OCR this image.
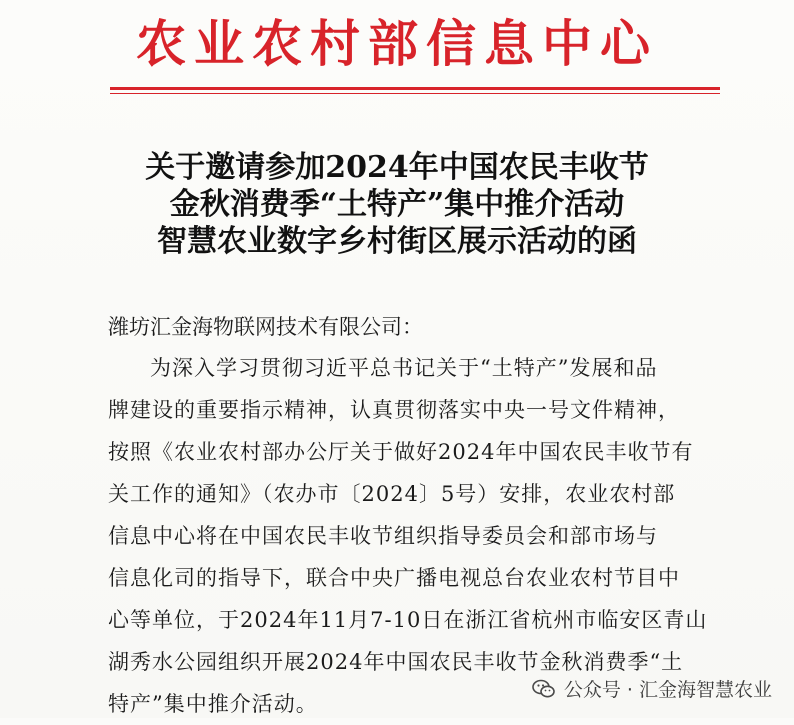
农业农村部信息中心
关于邀请参加2024年中国农民丰收节
金秋消费季“土特产”集中推介活动
智慧农业数字乡村街区展示活动的函
潍坊汇金海物联网技术有限公司：
为深入学习贯彻习近平总书记关于“土特产”发展和品
牌建设的重要指示精神，认真贯彻落实中央一号文件精神，
按照《农业农村部办公厅关于做好2024年中国农民丰收节有
关工作的通知》（农办市〔2024〕5号）安排，农业农村部
信息中心将在中国农民丰收节组织指导委员会和部市场与
信息化司的指导下，联合中央广播电视总台农业农村节目中
心等单位，于2024年11月7-10日在浙江省杭州市临安区青山
湖秀水公园组织开展2024年中国农民丰收节金秋消费季“土
特产”集中推介活动。
公众号 · 汇金海智慧农业
